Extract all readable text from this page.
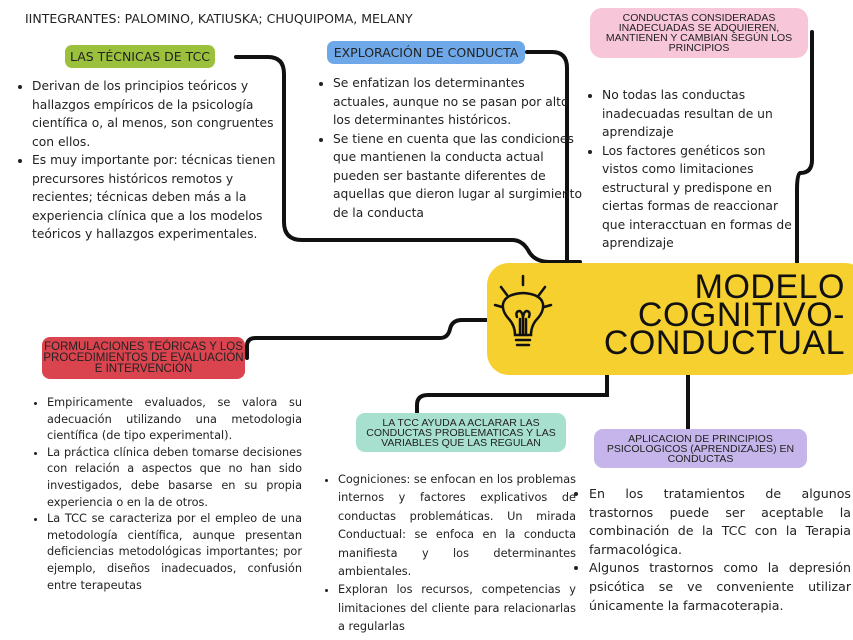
IINTEGRANTES: PALOMINO, KATIUSKA; CHUQUIPOMA, MELANY
LAS TÉCNICAS DE TCC
• Derivan de los principios teóricos y hallazgos empíricos de la psicología científica o, al menos, son congruentes con ellos.
• Es muy importante por: técnicas tienen precursores históricos remotos y recientes; técnicas deben más a la experiencia clínica que a los modelos teóricos y hallazgos experimentales.
EXPLORACIÓN DE CONDUCTA
• Se enfatizan los determinantes actuales, aunque no se pasan por alto los determinantes históricos.
• Se tiene en cuenta que las condiciones que mantienen la conducta actual pueden ser bastante diferentes de aquellas que dieron lugar al surgimiento de la conducta
CONDUCTAS CONSIDERADAS INADECUADAS SE ADQUIEREN, MANTIENEN Y CAMBIAN SEGÚN LOS PRINCIPIOS
• No todas las conductas inadecuadas resultan de un aprendizaje
• Los factores genéticos son vistos como limitaciones estructural y predispone en ciertas formas de reaccionar que interacctuan en formas de aprendizaje
MODELO
COGNITIVO-
CONDUCTUAL
FORMULACIONES TEÓRICAS Y LOS PROCEDIMIENTOS DE EVALUACIÓN E INTERVENCIÓN
• Empiricamente evaluados, se valora su adecuación utilizando una metodologia científica (de tipo experimental).
• La práctica clínica deben tomarse decisiones con relación a aspectos que no han sido investigados, debe basarse en su propia experiencia o en la de otros.
• La TCC se caracteriza por el empleo de una metodología científica, aunque presentan deficiencias metodológicas importantes; por ejemplo, diseños inadecuados, confusión entre terapeutas
LA TCC AYUDA A ACLARAR LAS CONDUCTAS PROBLEMATICAS Y LAS VARIABLES QUE LAS REGULAN
• Cogniciones: se enfocan en los problemas internos y factores explicativos de conductas problemáticas. Un mirada Conductual: se enfoca en la conducta manifiesta y los determinantes ambientales.
• Exploran los recursos, competencias y limitaciones del cliente para relacionarlas a regularlas
APLICACION DE PRINCIPIOS PSICOLOGICOS (APRENDIZAJES) EN CONDUCTAS
• En los tratamientos de algunos trastornos puede ser aceptable la combinación de la TCC con la Terapia farmacológica.
• Algunos trastornos como la depresión psicótica se ve conveniente utilizar únicamente la farmacoterapia.
